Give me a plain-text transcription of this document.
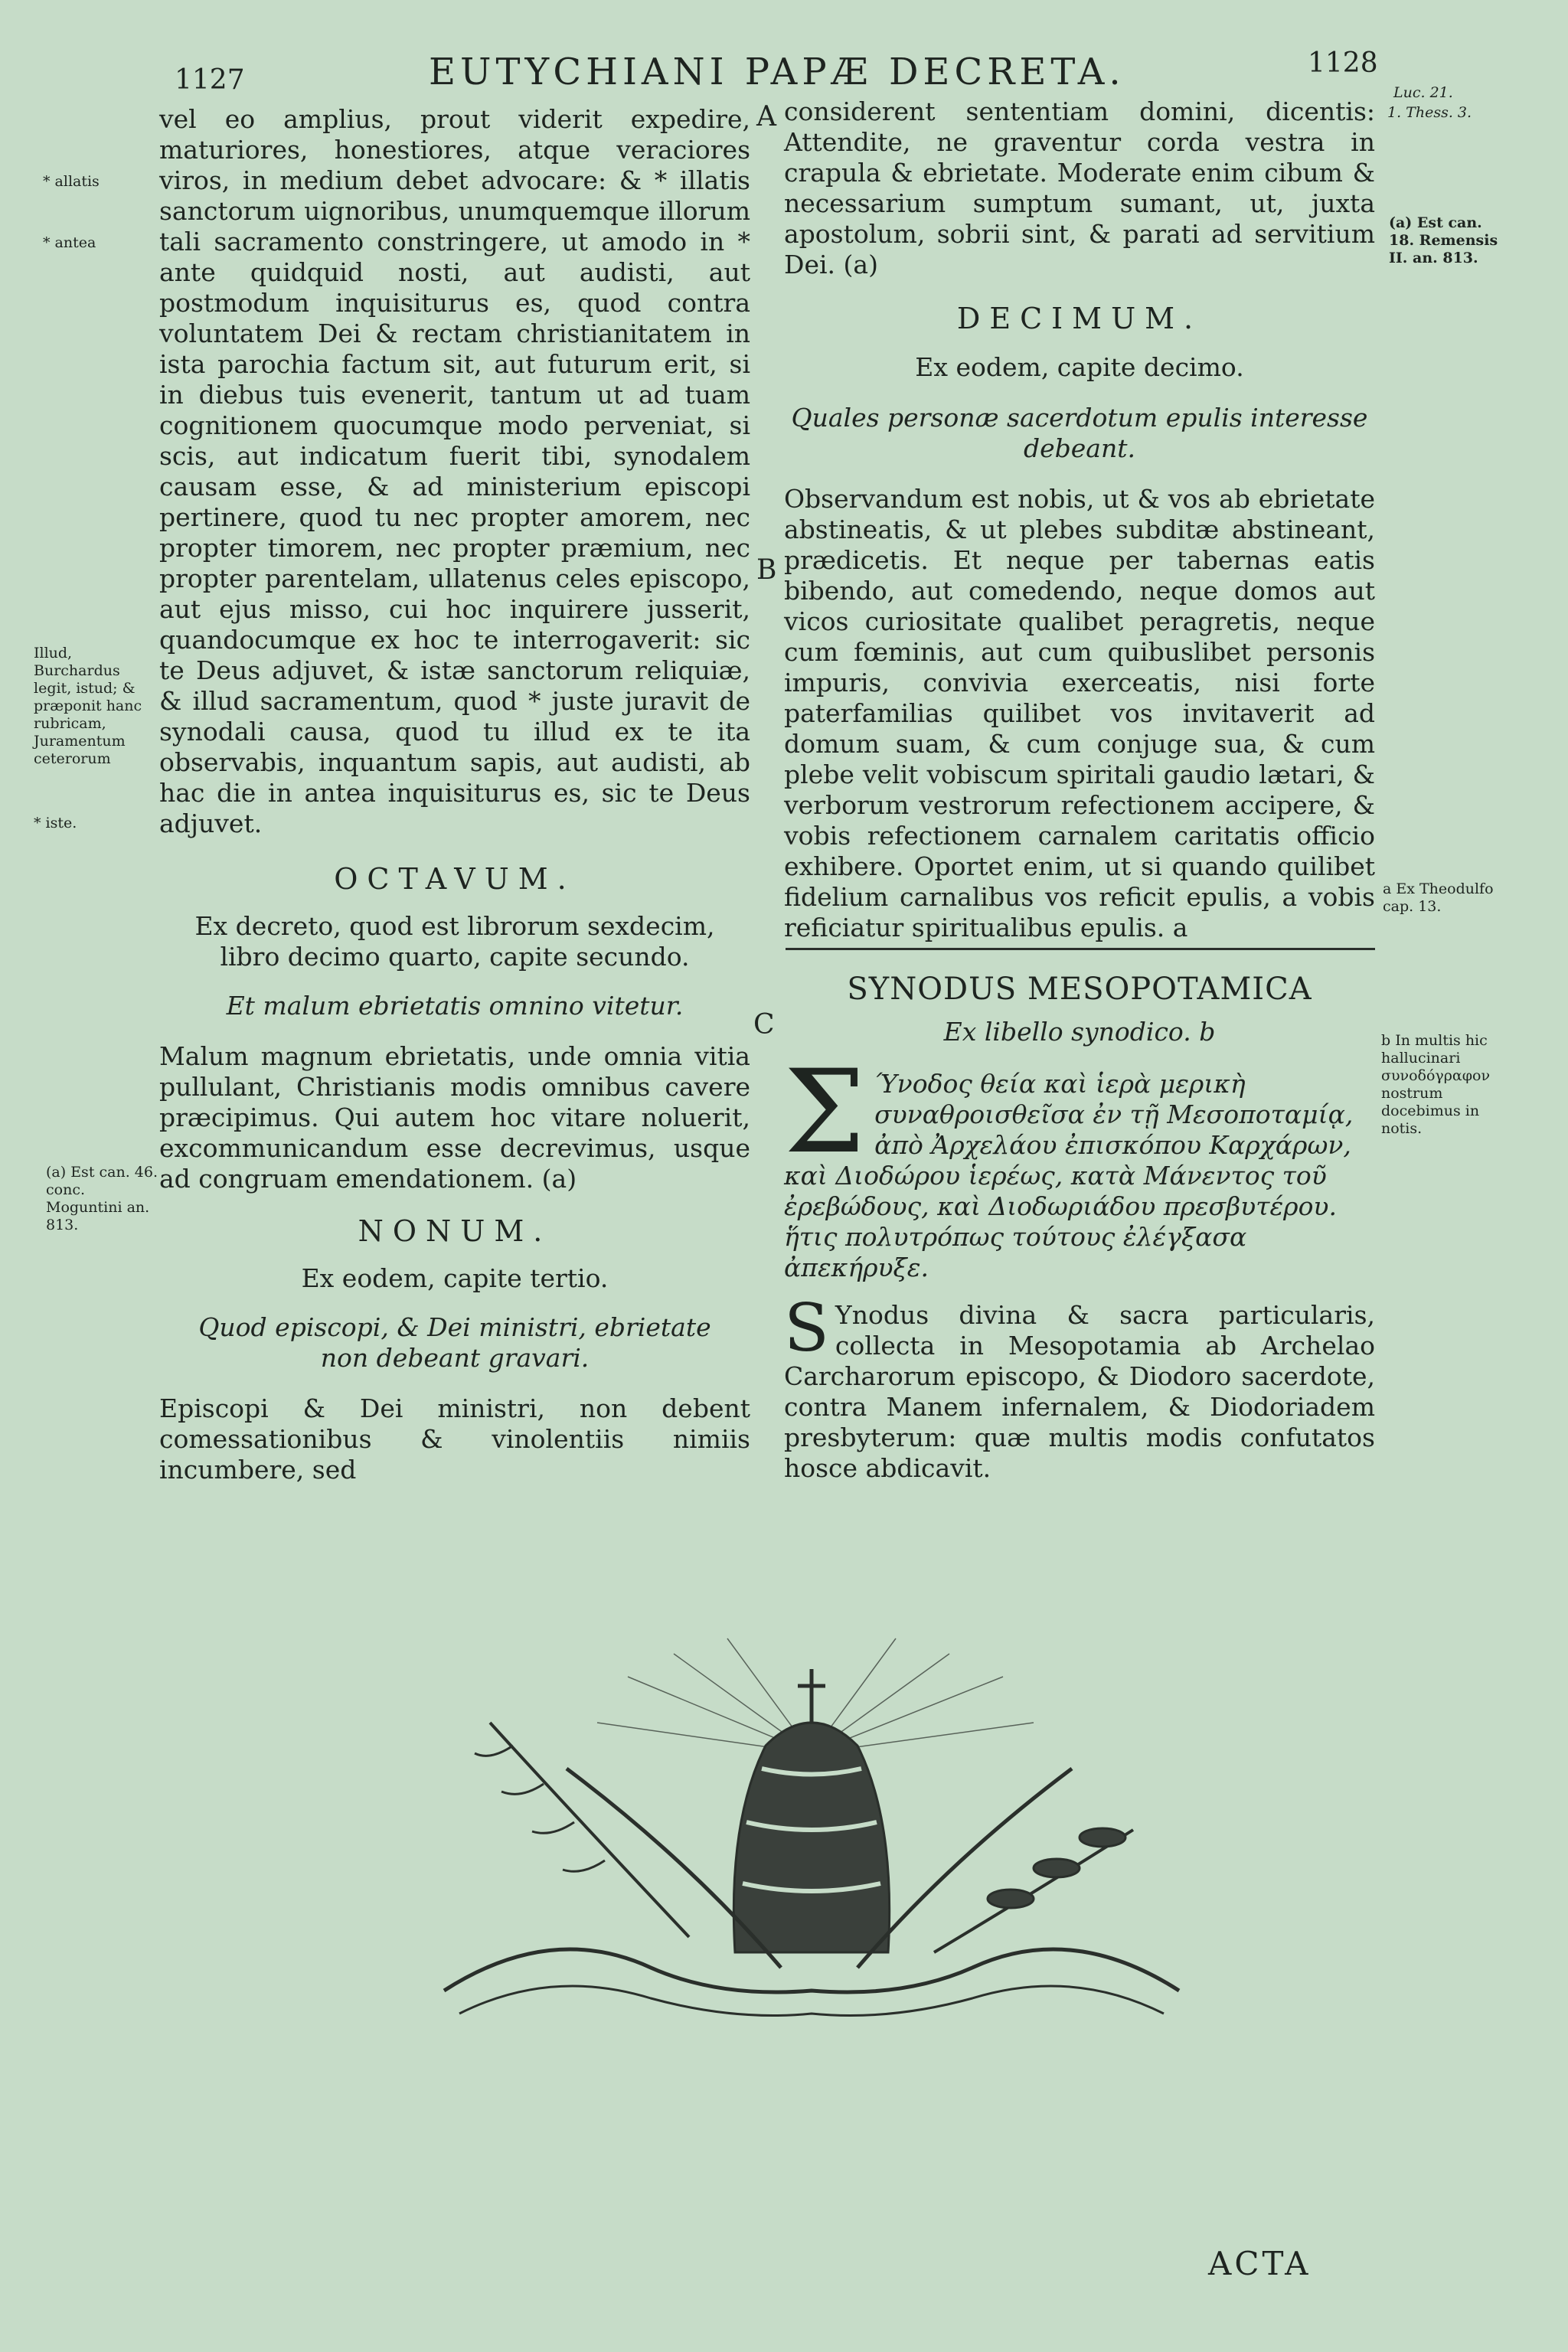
1127	EUTYCHIANI PAPÆ DECRETA.	1128

vel eo amplius, prout viderit expedire, maturiores, honestiores, atque veraciores viros, in medium debet advocare: & * illatis sanctorum uignoribus, unumquemque illorum tali sacramento constringere, ut amodo in * ante quidquid nosti, aut audisti, aut postmodum inquisiturus es, quod contra voluntatem Dei & rectam christianitatem in ista parochia factum sit, aut futurum erit, si in diebus tuis evenerit, tantum ut ad tuam cognitionem quocumque modo perveniat, si scis, aut indicatum fuerit tibi, synodalem causam esse, & ad ministerium episcopi pertinere, quod tu nec propter amorem, nec propter timorem, nec propter præmium, nec propter parentelam, ullatenus celes episcopo, aut ejus misso, cui hoc inquirere jusserit, quandocumque ex hoc te interrogaverit: sic te Deus adjuvet, & istæ sanctorum reliquiæ, & illud sacramentum, quod * juste juravit de synodali causa, quod tu illud ex te ita observabis, inquantum sapis, aut audisti, ab hac die in antea inquisiturus es, sic te Deus adjuvet.

OCTAVUM.
Ex decreto, quod est librorum sexdecim, libro decimo quarto, capite secundo.
Et malum ebrietatis omnino vitetur.

Malum magnum ebrietatis, unde omnia vitia pullulant, Christianis modis omnibus cavere præcipimus. Qui autem hoc vitare noluerit, excommunicandum esse decrevimus, usque ad congruam emendationem. (a)

NONUM.
Ex eodem, capite tertio.
Quod episcopi, & Dei ministri, ebrietate non debeant gravari.

Episcopi & Dei ministri, non debent comessationibus & vinolentiis nimiis incumbere, sed

A
B
C

considerent sententiam domini, dicentis: Attendite, ne graventur corda vestra in crapula & ebrietate. Moderate enim cibum & necessarium sumptum sumant, ut, juxta apostolum, sobrii sint, & parati ad servitium Dei. (a)

DECIMUM.
Ex eodem, capite decimo.
Quales personæ sacerdotum epulis interesse debeant.

Observandum est nobis, ut & vos ab ebrietate abstineatis, & ut plebes subditæ abstineant, prædicetis. Et neque per tabernas eatis bibendo, aut comedendo, neque domos aut vicos curiositate qualibet peragretis, neque cum fœminis, aut cum quibuslibet personis impuris, convivia exerceatis, nisi forte paterfamilias quilibet vos invitaverit ad domum suam, & cum conjuge sua, & cum plebe velit vobiscum spiritali gaudio lætari, & verborum vestrorum refectionem accipere, & vobis refectionem carnalem caritatis officio exhibere. Oportet enim, ut si quando quilibet fidelium carnalibus vos reficit epulis, a vobis reficiatur spiritualibus epulis. a

SYNODUS MESOPOTAMICA
Ex libello synodico. b

Σ Ύνοδος θεία καὶ ἱερὰ μερικὴ συναθροισθεῖσα ἐν τῇ Μεσοποταμίᾳ, ἀπὸ Ἀρχελάου ἐπισκόπου Καρχάρων, καὶ Διοδώρου ἱερέως, κατὰ Μάνεντος τοῦ ἐρεβώδους, καὶ Διοδωριάδου πρεσβυτέρου. ἥτις πολυτρόπως τούτους ἐλέγξασα ἀπεκήρυξε.

S Ynodus divina & sacra particularis, collecta in Mesopotamia ab Archelao Carcharorum episcopo, & Diodoro sacerdote, contra Manem infernalem, & Diodoriadem presbyterum: quæ multis modis confutatos hosce abdicavit.

* allatis
* antea
Illud, Burchardus legit, istud; & præponit hanc rubricam, Juramentum ceterorum
* iste.
(a) Est can. 46. conc. Moguntini an. 813.
Luc. 21.
1. Thess. 3.
(a) Est can. 18. Remensis II. an. 813.
a Ex Theodulfo cap. 13.
b In multis hic hallucinari συνοδόγραφον nostrum docebimus in notis.
ACTA
